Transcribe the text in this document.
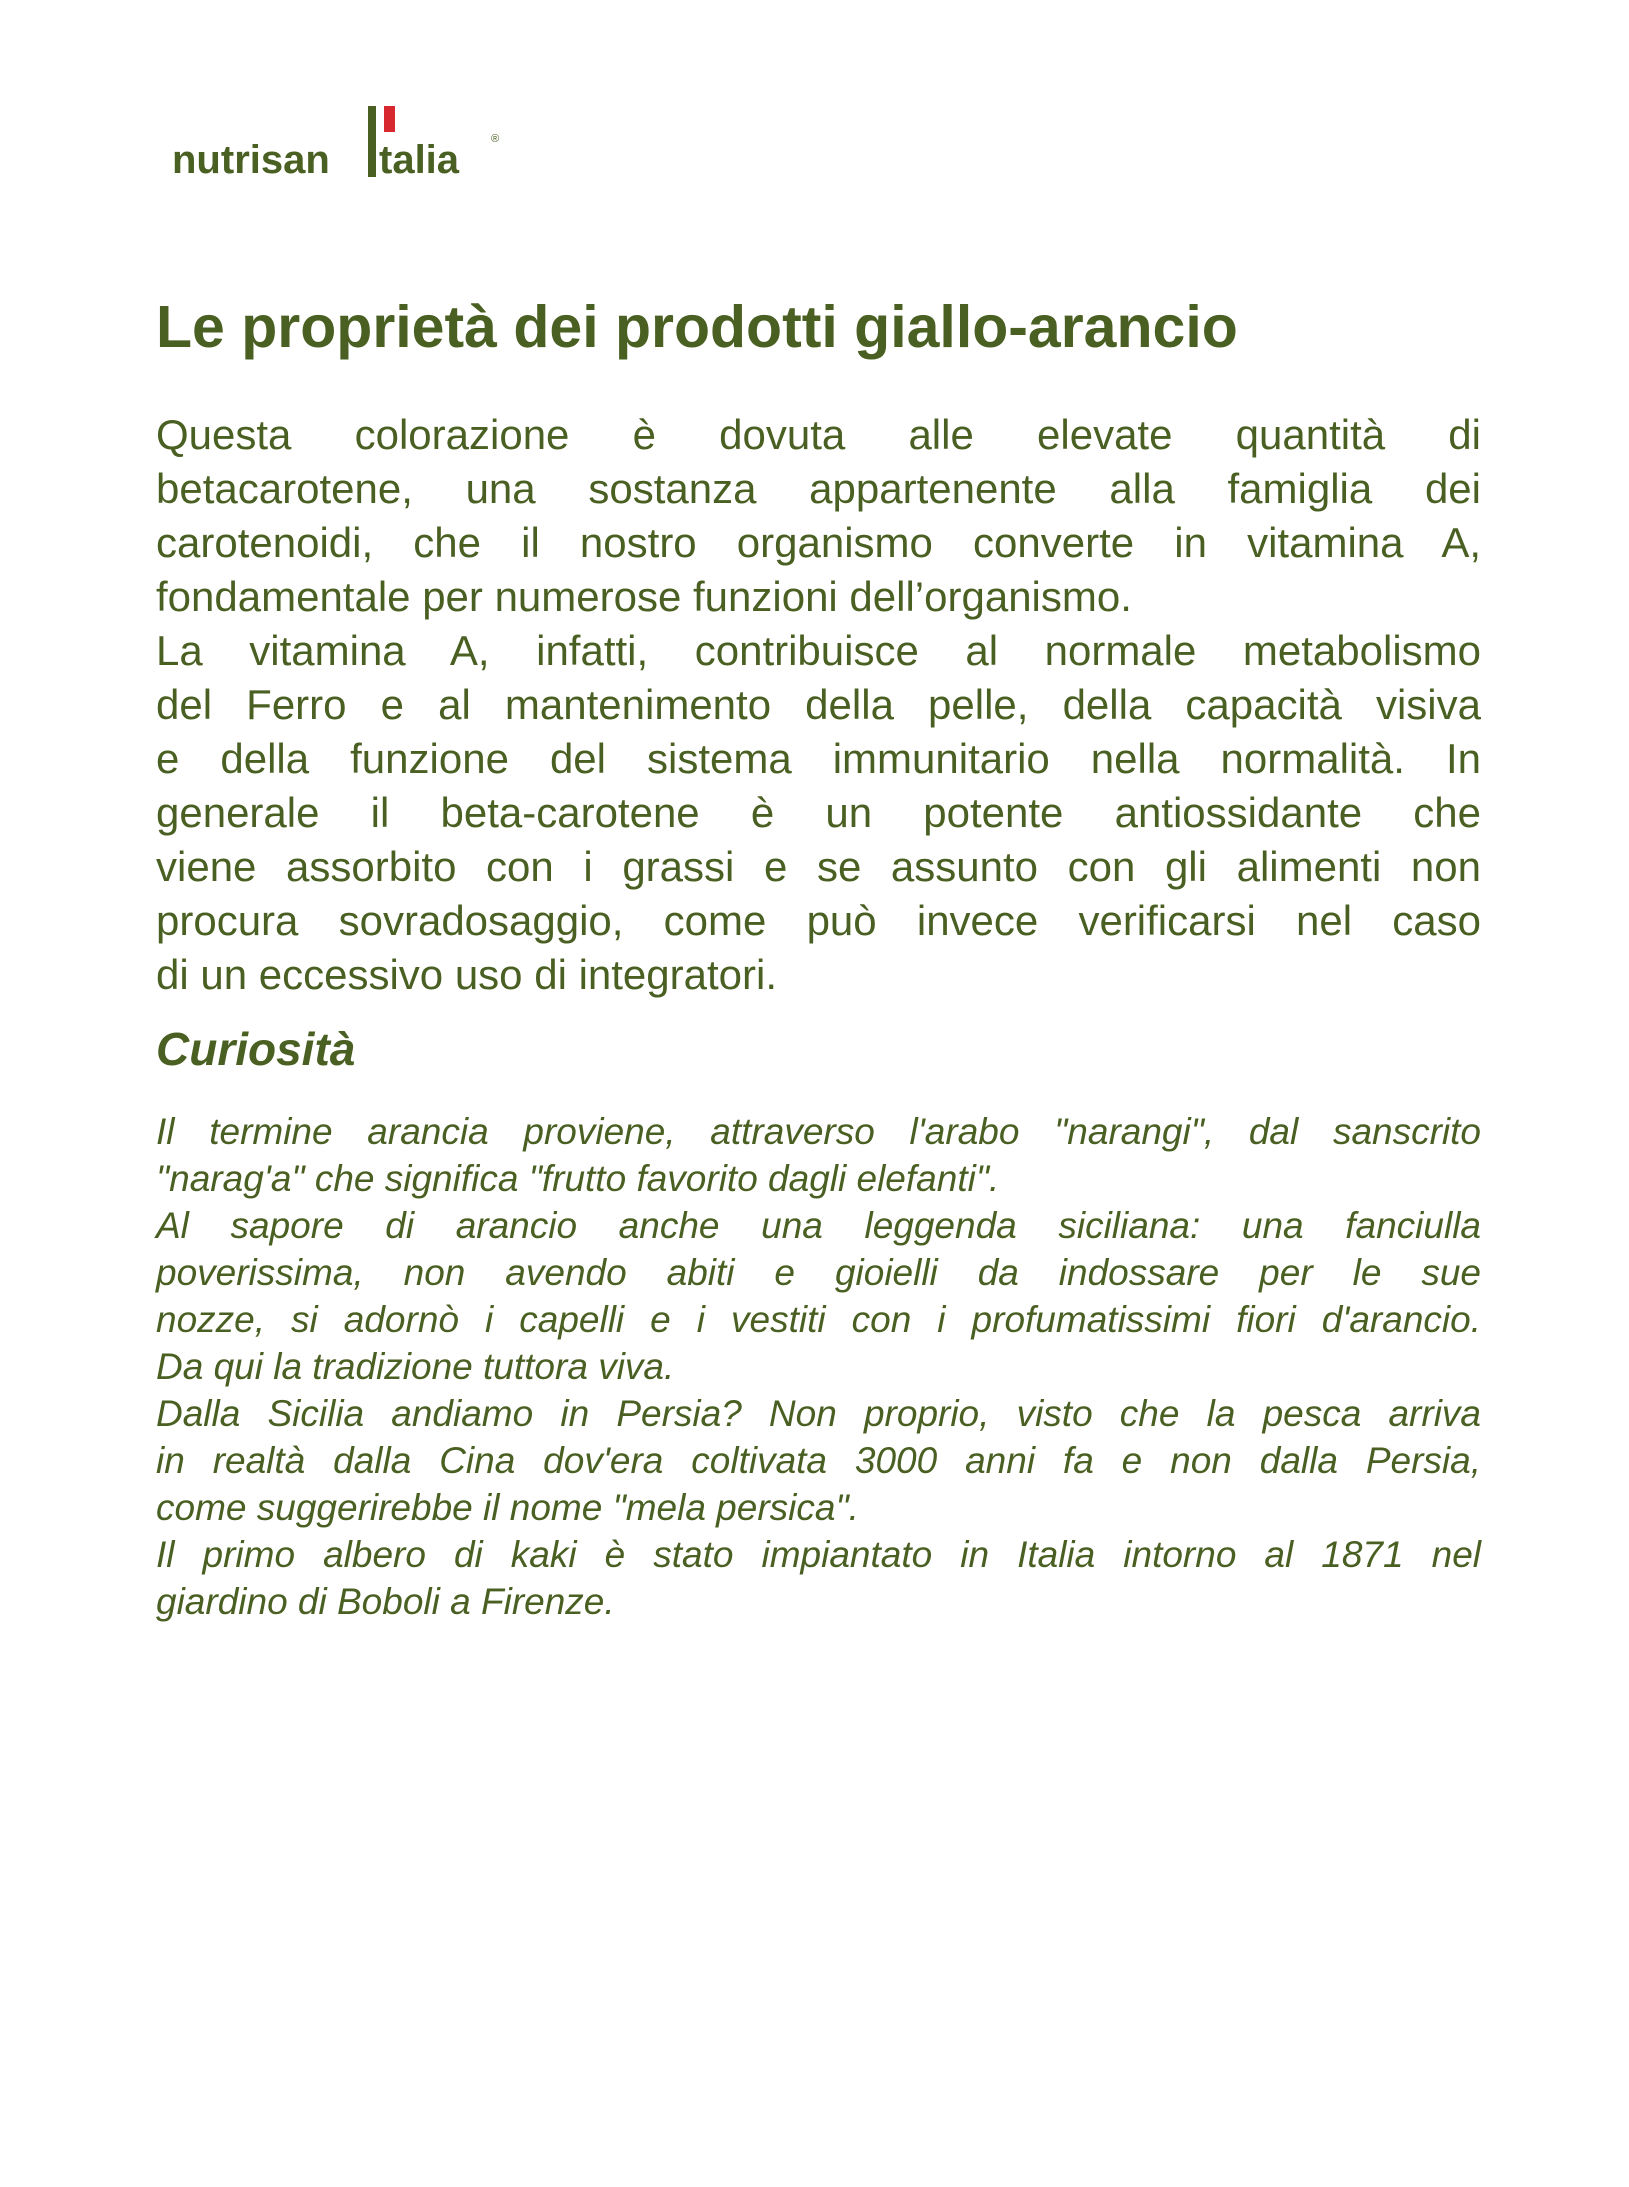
nutrisan talia	®
Le proprietà dei prodotti giallo-arancio
Questa colorazione è dovuta alle elevate quantità di
betacarotene, una sostanza appartenente alla famiglia dei
carotenoidi, che il nostro organismo converte in vitamina A,
fondamentale per numerose funzioni dell’organismo.
La vitamina A, infatti, contribuisce al normale metabolismo
del Ferro e al mantenimento della pelle, della capacità visiva
e della funzione del sistema immunitario nella normalità. In
generale il beta-carotene è un potente antiossidante che
viene assorbito con i grassi e se assunto con gli alimenti non
procura sovradosaggio, come può invece verificarsi nel caso
di un eccessivo uso di integratori.
Curiosità
Il termine arancia proviene, attraverso l'arabo "narangi", dal sanscrito
"narag'a" che significa "frutto favorito dagli elefanti".
Al sapore di arancio anche una leggenda siciliana: una fanciulla
poverissima, non avendo abiti e gioielli da indossare per le sue
nozze, si adornò i capelli e i vestiti con i profumatissimi fiori d'arancio.
Da qui la tradizione tuttora viva.
Dalla Sicilia andiamo in Persia? Non proprio, visto che la pesca arriva
in realtà dalla Cina dov'era coltivata 3000 anni fa e non dalla Persia,
come suggerirebbe il nome "mela persica".
Il primo albero di kaki è stato impiantato in Italia intorno al 1871 nel
giardino di Boboli a Firenze.
